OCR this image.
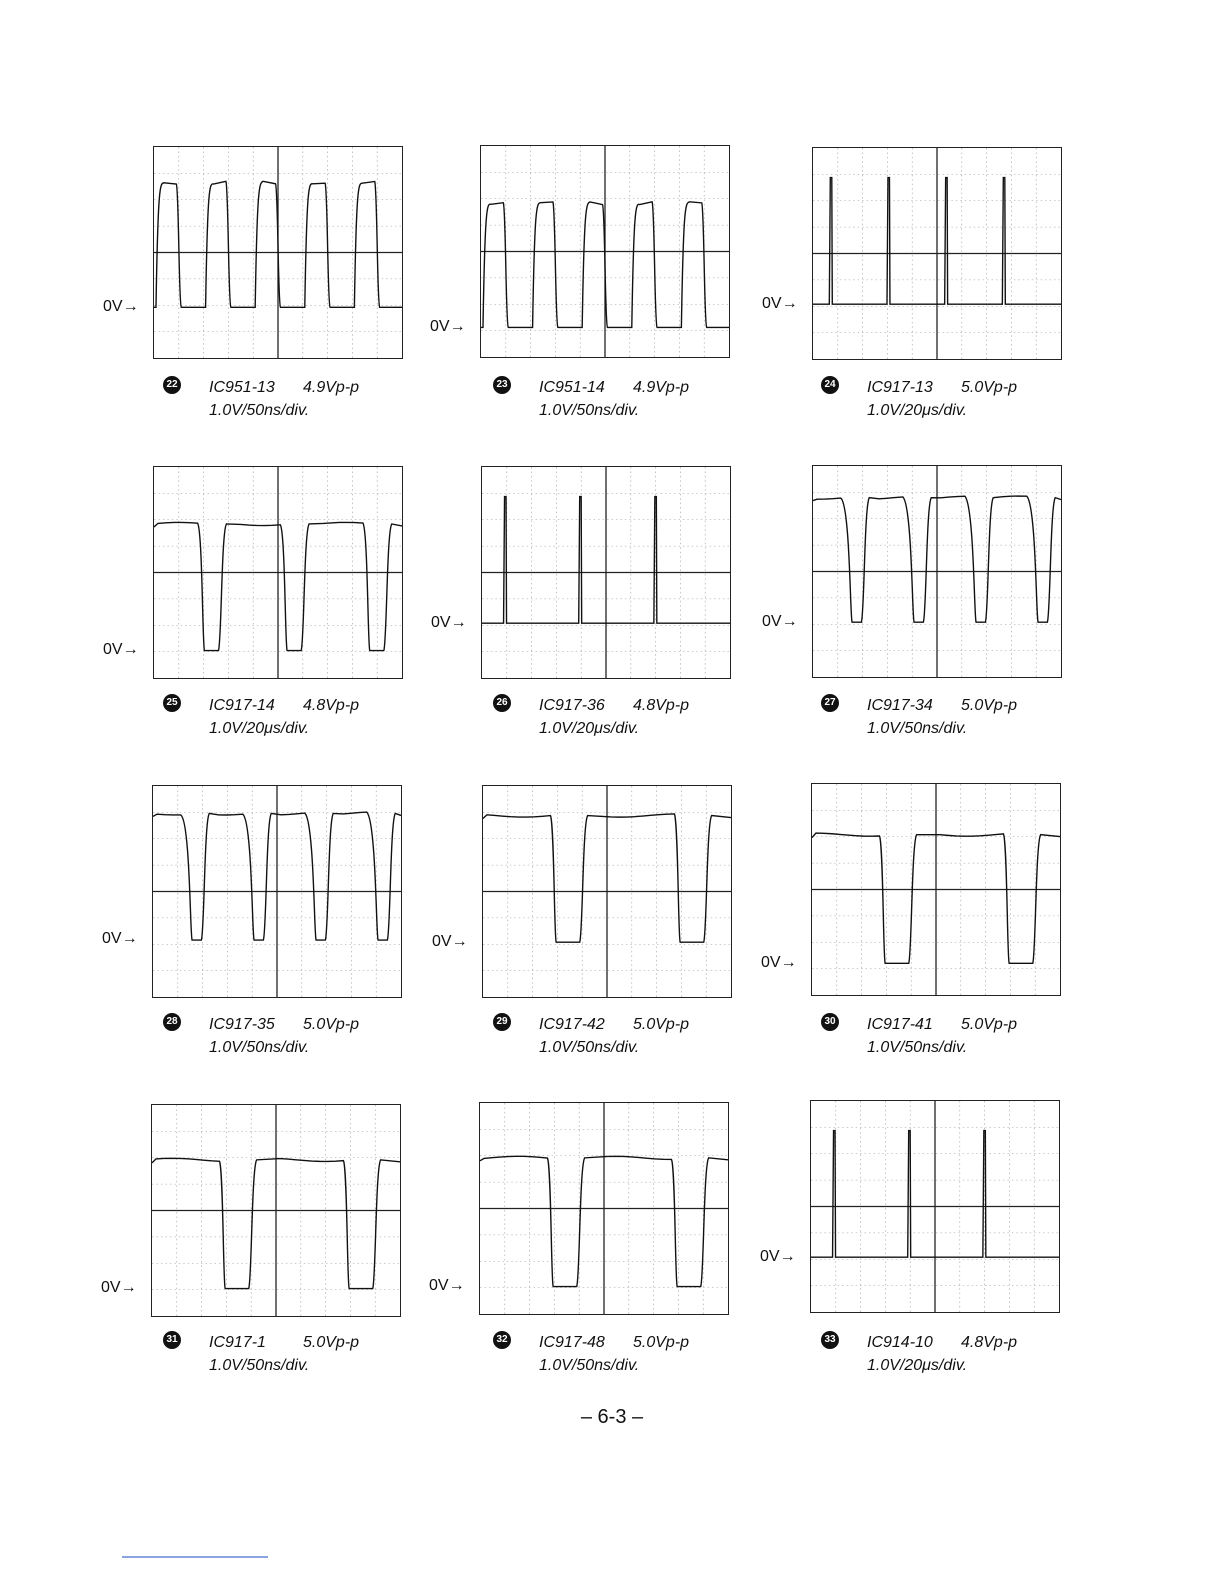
0V→
22 IC951-13 4.9Vp-p
1.0V/50ns/div.
0V→
23 IC951-14 4.9Vp-p
1.0V/50ns/div.
0V→
24 IC917-13 5.0Vp-p
1.0V/20μs/div.
0V→
25 IC917-14 4.8Vp-p
1.0V/20μs/div.
0V→
26 IC917-36 4.8Vp-p
1.0V/20μs/div.
0V→
27 IC917-34 5.0Vp-p
1.0V/50ns/div.
0V→
28 IC917-35 5.0Vp-p
1.0V/50ns/div.
0V→
29 IC917-42 5.0Vp-p
1.0V/50ns/div.
0V→
30 IC917-41 5.0Vp-p
1.0V/50ns/div.
0V→
31 IC917-1 5.0Vp-p
1.0V/50ns/div.
0V→
32 IC917-48 5.0Vp-p
1.0V/50ns/div.
0V→
33 IC914-10 4.8Vp-p
1.0V/20μs/div.
– 6-3 –
